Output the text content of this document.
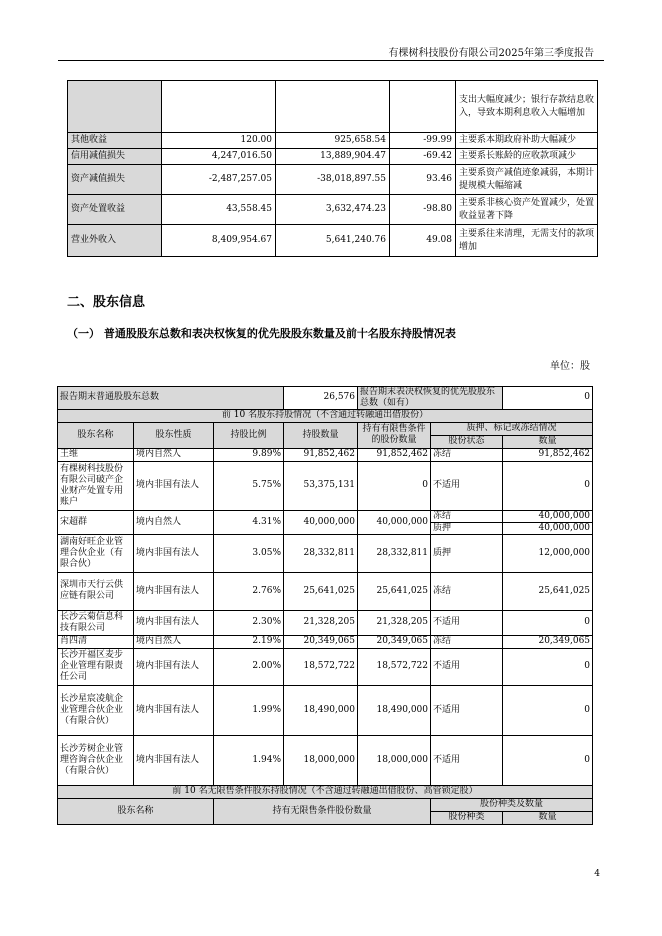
有棵树科技股份有限公司2025年第三季度报告
				支出大幅度减少；银行存款结息收入，导致本期利息收入大幅增加
其他收益	120.00	925,658.54	-99.99	主要系本期政府补助大幅减少
信用减值损失	4,247,016.50	13,889,904.47	-69.42	主要系长账龄的应收款项减少
资产减值损失	-2,487,257.05	-38,018,897.55	93.46	主要系资产减值迹象减弱，本期计提规模大幅缩减
资产处置收益	43,558.45	3,632,474.23	-98.80	主要系非核心资产处置减少，处置收益显著下降
营业外收入	8,409,954.67	5,641,240.76	49.08	主要系往来清理，无需支付的款项增加
二、股东信息
（一） 普通股股东总数和表决权恢复的优先股股东数量及前十名股东持股情况表
单位：股
报告期末普通股股东总数			26,576	报告期末表决权恢复的优先股股东总数（如有）		0
前 10 名股东持股情况（不含通过转融通出借股份）						
股东名称	股东性质	持股比例	持股数量	持有有限售条件的股份数量	质押、标记或冻结情况	
					股份状态	数量
王维	境内自然人	9.89%	91,852,462	91,852,462	冻结	91,852,462
有棵树科技股份有限公司破产企业财产处置专用账户	境内非国有法人	5.75%	53,375,131	0	不适用	0
宋超群	境内自然人	4.31%	40,000,000	40,000,000	冻结	40,000,000
					质押	40,000,000
湖南好旺企业管理合伙企业（有限合伙）	境内非国有法人	3.05%	28,332,811	28,332,811	质押	12,000,000
深圳市天行云供应链有限公司	境内非国有法人	2.76%	25,641,025	25,641,025	冻结	25,641,025
长沙云菊信息科技有限公司	境内非国有法人	2.30%	21,328,205	21,328,205	不适用	0
肖四清	境内自然人	2.19%	20,349,065	20,349,065	冻结	20,349,065
长沙开福区麦步企业管理有限责任公司	境内非国有法人	2.00%	18,572,722	18,572,722	不适用	0
长沙星宸凌航企业管理合伙企业（有限合伙）	境内非国有法人	1.99%	18,490,000	18,490,000	不适用	0
长沙芳树企业管理咨询合伙企业（有限合伙）	境内非国有法人	1.94%	18,000,000	18,000,000	不适用	0
前 10 名无限售条件股东持股情况（不含通过转融通出借股份、高管锁定股）						
股东名称		持有无限售条件股份数量			股份种类及数量	
					股份种类	数量
4
